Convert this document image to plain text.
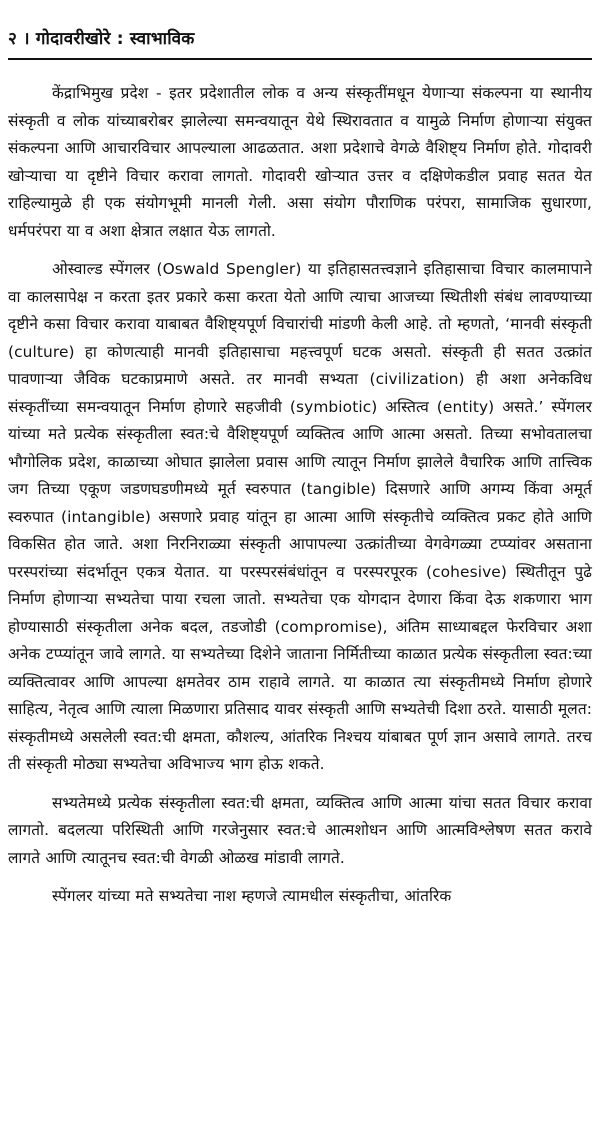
२ । गोदावरीखोरे : स्वाभाविक

केंद्राभिमुख प्रदेश - इतर प्रदेशातील लोक व अन्य संस्कृतींमधून येणाऱ्या संकल्पना या स्थानीय संस्कृती व लोक यांच्याबरोबर झालेल्या समन्वयातून येथे स्थिरावतात व यामुळे निर्माण होणाऱ्या संयुक्त संकल्पना आणि आचारविचार आपल्याला आढळतात. अशा प्रदेशाचे वेगळे वैशिष्ट्य निर्माण होते. गोदावरी खोऱ्याचा या दृष्टीने विचार करावा लागतो. गोदावरी खोऱ्यात उत्तर व दक्षिणेकडील प्रवाह सतत येत राहिल्यामुळे ही एक संयोगभूमी मानली गेली. असा संयोग पौराणिक परंपरा, सामाजिक सुधारणा, धर्मपरंपरा या व अशा क्षेत्रात लक्षात येऊ लागतो.

ओस्वाल्ड स्पेंगलर (Oswald Spengler) या इतिहासतत्त्वज्ञाने इतिहासाचा विचार कालमापाने वा कालसापेक्ष न करता इतर प्रकारे कसा करता येतो आणि त्याचा आजच्या स्थितीशी संबंध लावण्याच्या दृष्टीने कसा विचार करावा याबाबत वैशिष्ट्यपूर्ण विचारांची मांडणी केली आहे. तो म्हणतो, ‘मानवी संस्कृती (culture) हा कोणत्याही मानवी इतिहासाचा महत्त्वपूर्ण घटक असतो. संस्कृती ही सतत उत्क्रांत पावणाऱ्या जैविक घटकाप्रमाणे असते. तर मानवी सभ्यता (civilization) ही अशा अनेकविध संस्कृतींच्या समन्वयातून निर्माण होणारे सहजीवी (symbiotic) अस्तित्व (entity) असते.’ स्पेंगलर यांच्या मते प्रत्येक संस्कृतीला स्वत:चे वैशिष्ट्यपूर्ण व्यक्तित्व आणि आत्मा असतो. तिच्या सभोवतालचा भौगोलिक प्रदेश, काळाच्या ओघात झालेला प्रवास आणि त्यातून निर्माण झालेले वैचारिक आणि तात्त्विक जग तिच्या एकूण जडणघडणीमध्ये मूर्त स्वरुपात (tangible) दिसणारे आणि अगम्य किंवा अमूर्त स्वरुपात (intangible) असणारे प्रवाह यांतून हा आत्मा आणि संस्कृतीचे व्यक्तित्व प्रकट होते आणि विकसित होत जाते. अशा निरनिराळ्या संस्कृती आपापल्या उत्क्रांतीच्या वेगवेगळ्या टप्प्यांवर असताना परस्परांच्या संदर्भातून एकत्र येतात. या परस्परसंबंधांतून व परस्परपूरक (cohesive) स्थितीतून पुढे निर्माण होणाऱ्या सभ्यतेचा पाया रचला जातो. सभ्यतेचा एक योगदान देणारा किंवा देऊ शकणारा भाग होण्यासाठी संस्कृतीला अनेक बदल, तडजोडी (compromise), अंतिम साध्याबद्दल फेरविचार अशा अनेक टप्प्यांतून जावे लागते. या सभ्यतेच्या दिशेने जाताना निर्मितीच्या काळात प्रत्येक संस्कृतीला स्वत:च्या व्यक्तित्वावर आणि आपल्या क्षमतेवर ठाम राहावे लागते. या काळात त्या संस्कृतीमध्ये निर्माण होणारे साहित्य, नेतृत्व आणि त्याला मिळणारा प्रतिसाद यावर संस्कृती आणि सभ्यतेची दिशा ठरते. यासाठी मूलत: संस्कृतीमध्ये असलेली स्वत:ची क्षमता, कौशल्य, आंतरिक निश्चय यांबाबत पूर्ण ज्ञान असावे लागते. तरच ती संस्कृती मोठ्या सभ्यतेचा अविभाज्य भाग होऊ शकते.

सभ्यतेमध्ये प्रत्येक संस्कृतीला स्वत:ची क्षमता, व्यक्तित्व आणि आत्मा यांचा सतत विचार करावा लागतो. बदलत्या परिस्थिती आणि गरजेनुसार स्वत:चे आत्मशोधन आणि आत्मविश्लेषण सतत करावे लागते आणि त्यातूनच स्वत:ची वेगळी ओळख मांडावी लागते.

स्पेंगलर यांच्या मते सभ्यतेचा नाश म्हणजे त्यामधील संस्कृतीचा, आंतरिक
